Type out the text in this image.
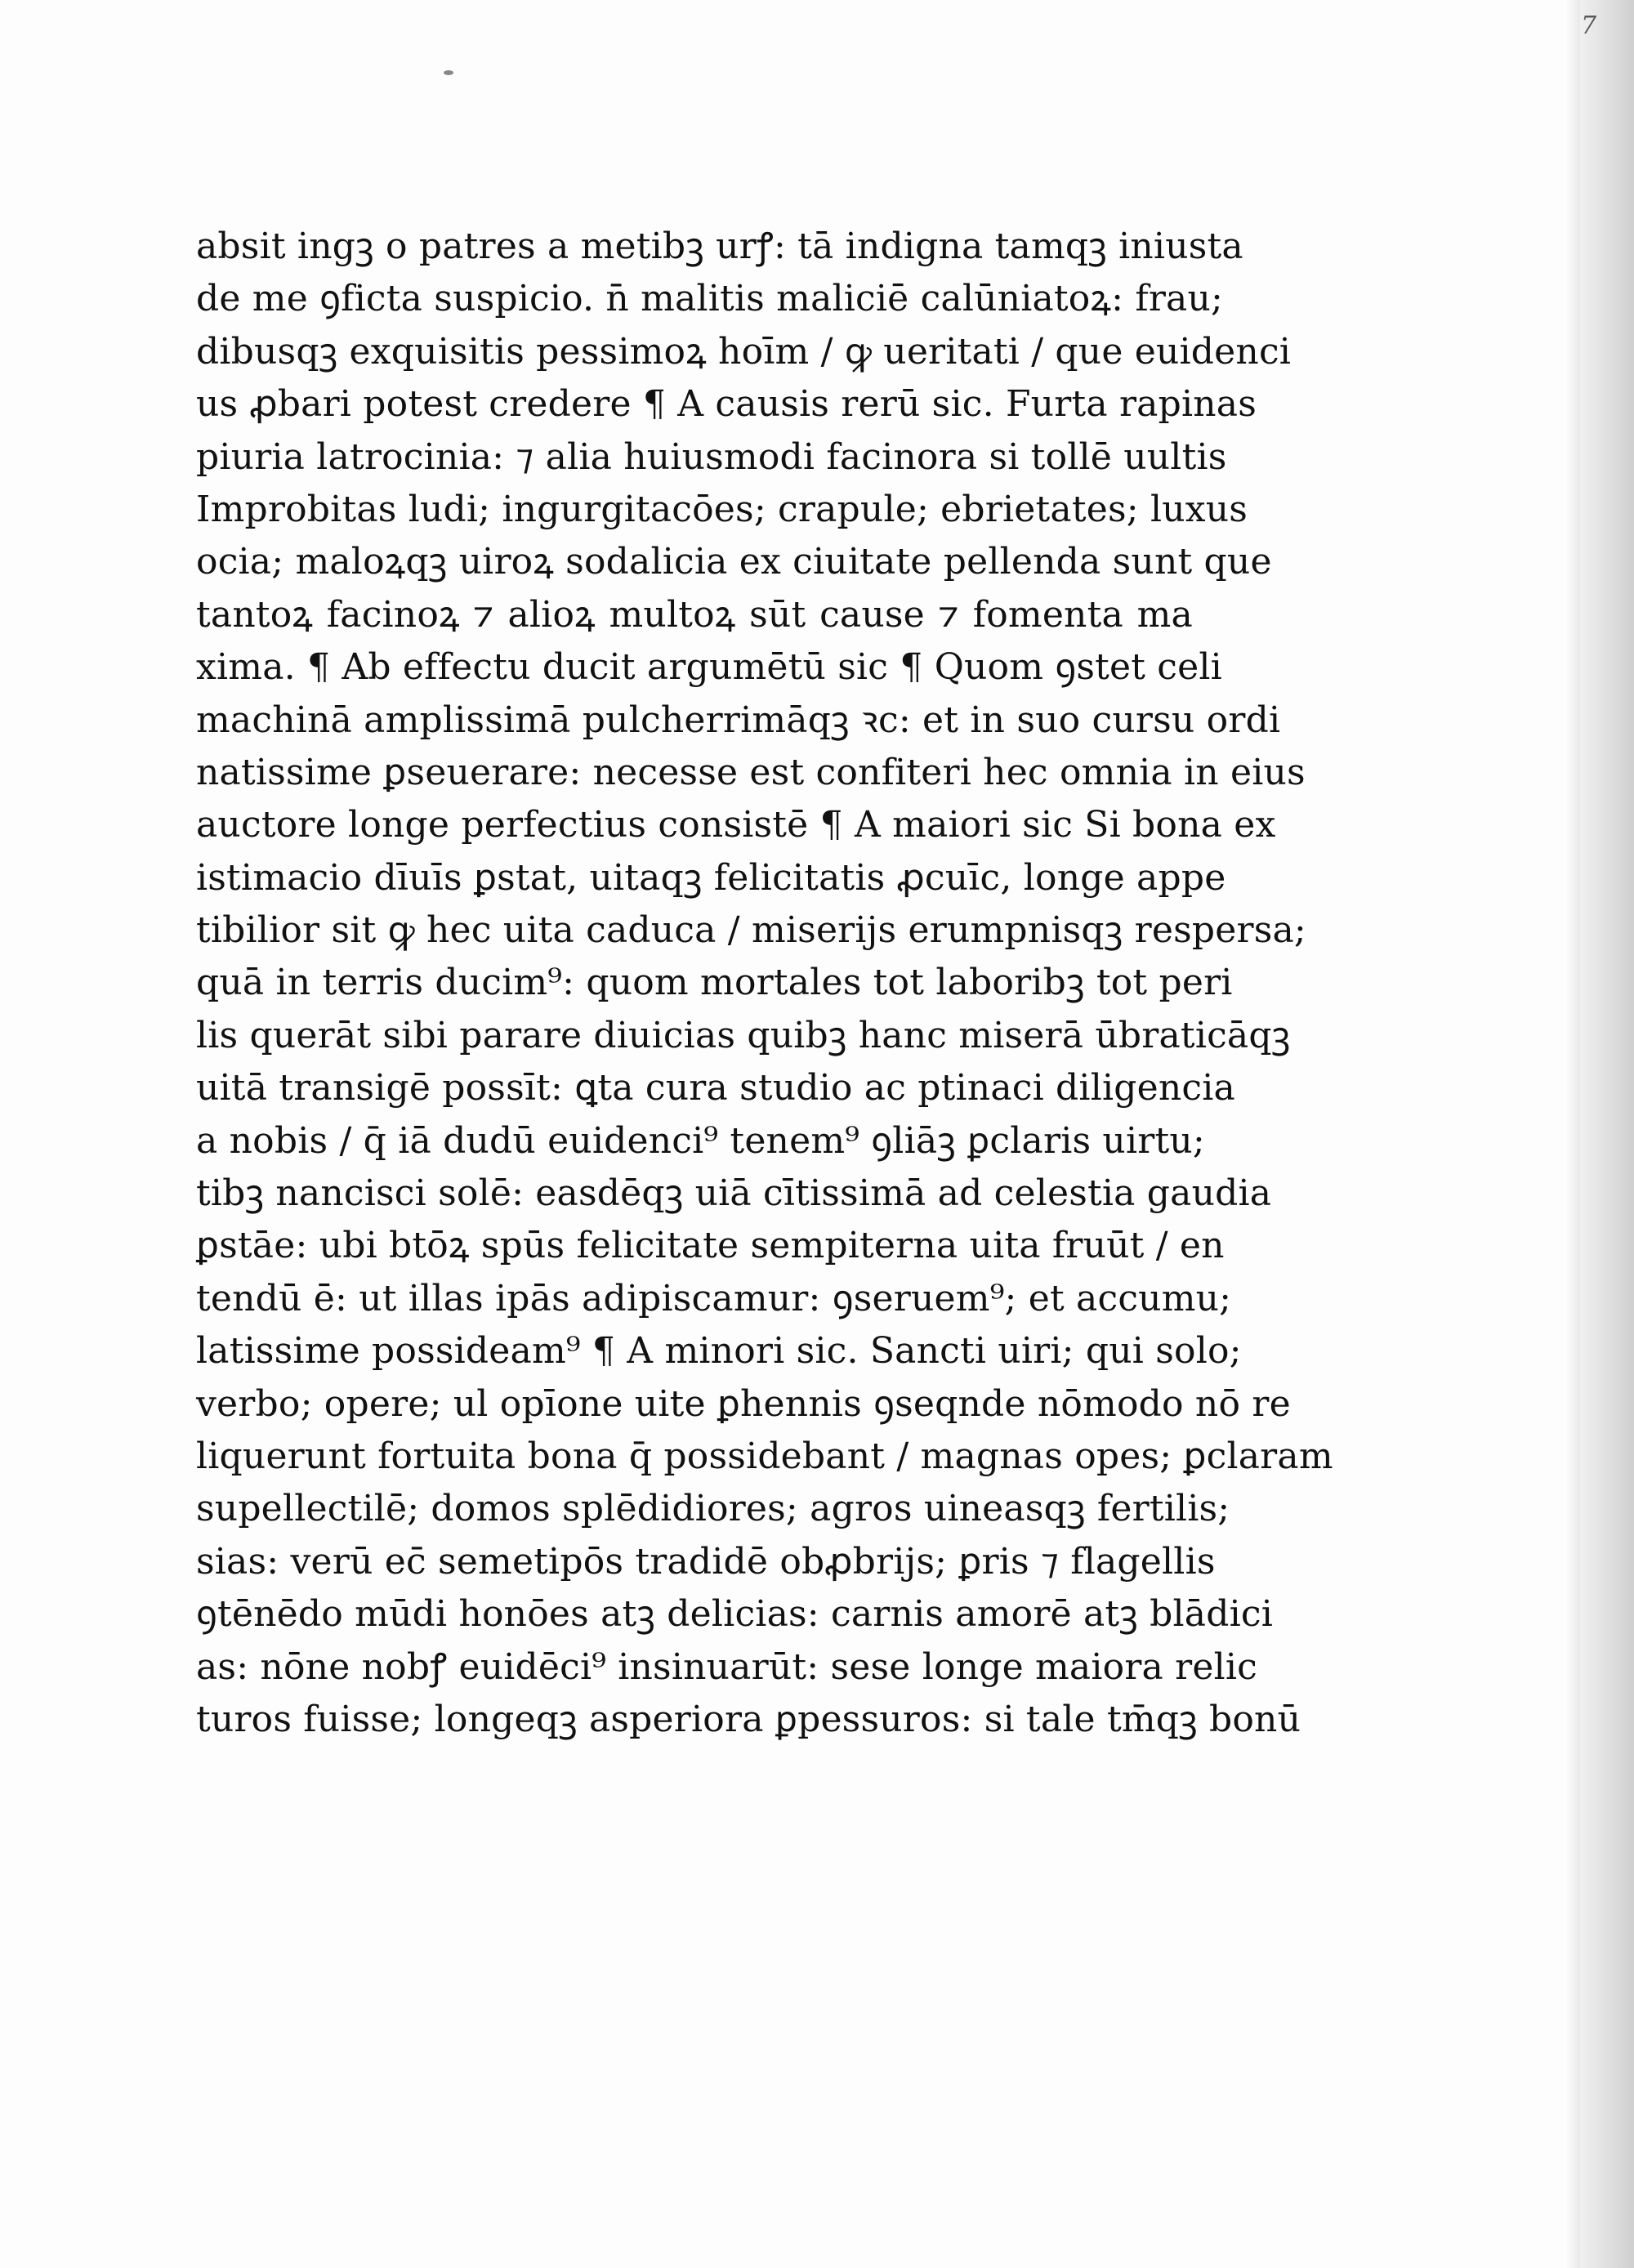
7
absit ingꝫ o patres a metibꝫ urꝭ: tā indigna tamqꝫ iniusta
de me ꝯficta suspicio. n̄ malitis maliciē calūniatoꝝ: frau;
dibusqꝫ exquisitis pessimoꝝ hoīm / ꝙ ueritati / que euidenci
us ꝓbari potest credere ¶ A causis rerū sic. Furta rapinas
piuria latrocinia: ⁊ alia huiusmodi facinora si tollē uultis
Improbitas ludi; ingurgitacōes; crapule; ebrietates; luxus
ocia; maloꝝqꝫ uiroꝝ sodalicia ex ciuitate pellenda sunt que
tantoꝝ facinoꝝ ⁊ alioꝝ multoꝝ sūt cause ⁊ fomenta ma
xima. ¶ Ab effectu ducit argumētū sic ¶ Quom ꝯstet celi
machinā amplissimā pulcherrimāqꝫ ꝛc: et in suo cursu ordi
natissime ꝑseuerare: necesse est confiteri hec omnia in eius
auctore longe perfectius consistē ¶ A maiori sic Si bona ex
istimacio dīuīs ꝑstat, uitaqꝫ felicitatis ꝓcuīc, longe appe
tibilior sit ꝙ hec uita caduca / miserijs erumpnisqꝫ respersa;
quā in terris ducim⁹: quom mortales tot laboribꝫ tot peri
lis querāt sibi parare diuicias quibꝫ hanc miserā ūbraticāqꝫ
uitā transigē possīt: ꝗta cura studio ac ptinaci diligencia
a nobis / q̄ iā dudū euidenci⁹ tenem⁹ ꝯliāꝫ ꝑclaris uirtu;
tibꝫ nancisci solē: easdēqꝫ uiā cītissimā ad celestia gaudia
ꝑstāe: ubi btōꝝ spūs felicitate sempiterna uita fruūt / en
tendū ē: ut illas ipās adipiscamur: ꝯseruem⁹; et accumu;
latissime possideam⁹ ¶ A minori sic. Sancti uiri; qui solo;
verbo; opere; ul opīone uite ꝑhennis ꝯseqnde nōmodo nō re
liquerunt fortuita bona q̄ possidebant / magnas opes; ꝑclaram
supellectilē; domos splēdidiores; agros uineasqꝫ fertilis;
sias: verū ec̄ semetipōs tradidē obꝓbrijs; ꝑris ⁊ flagellis
ꝯtēnēdo mūdi honōes atꝫ delicias: carnis amorē atꝫ blādici
as: nōne nobꝭ euidēci⁹ insinuarūt: sese longe maiora relic
turos fuisse; longeqꝫ asperiora ꝑpessuros: si tale tm̄qꝫ bonū
